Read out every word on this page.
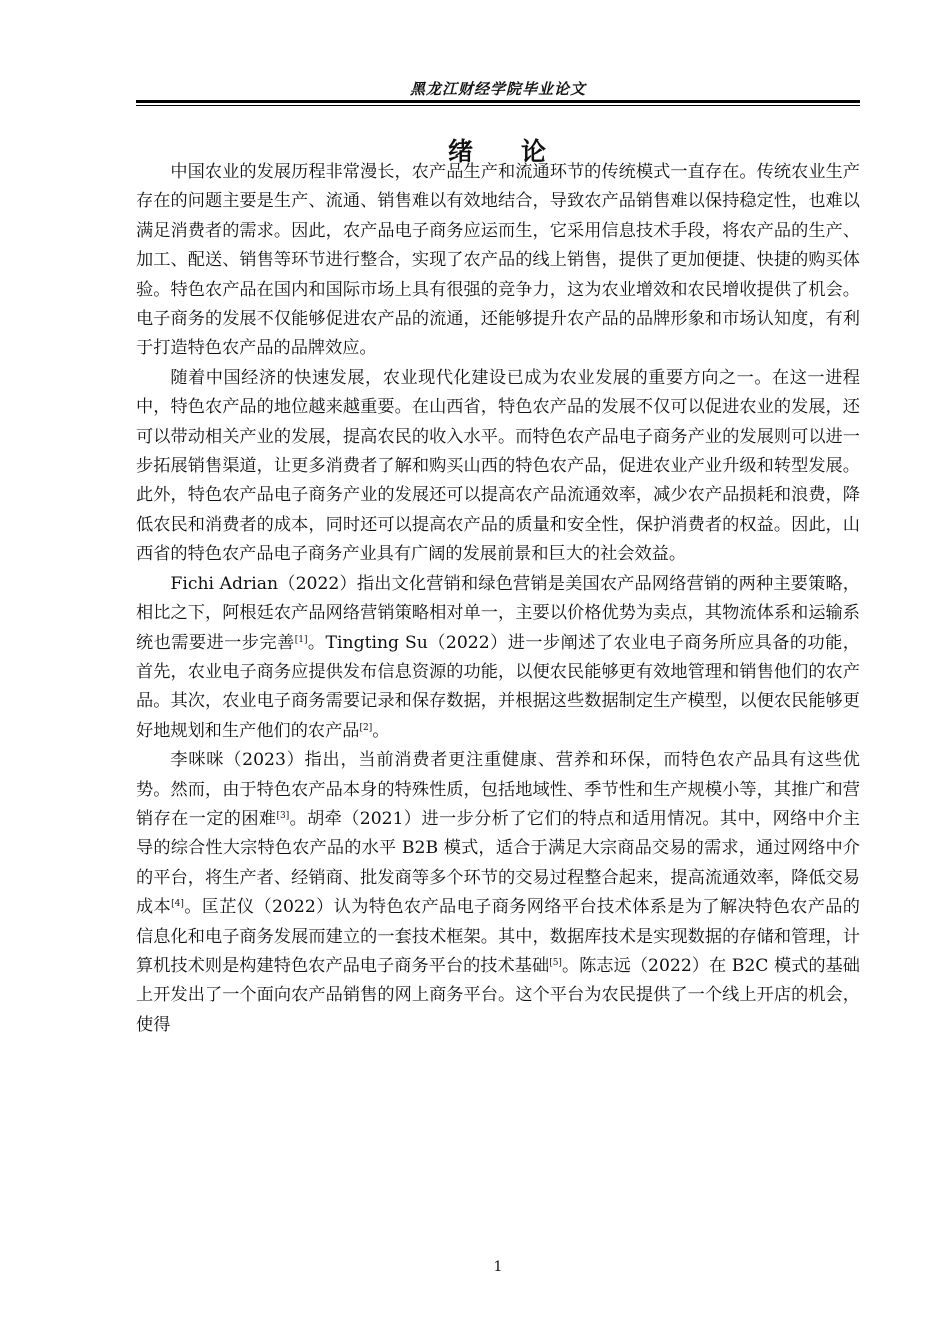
黑龙江财经学院毕业论文
绪 论

中国农业的发展历程非常漫长，农产品生产和流通环节的传统模式一直存在。传统农业生产存在的问题主要是生产、流通、销售难以有效地结合，导致农产品销售难以保持稳定性，也难以满足消费者的需求。因此，农产品电子商务应运而生，它采用信息技术手段，将农产品的生产、加工、配送、销售等环节进行整合，实现了农产品的线上销售，提供了更加便捷、快捷的购买体验。特色农产品在国内和国际市场上具有很强的竞争力，这为农业增效和农民增收提供了机会。电子商务的发展不仅能够促进农产品的流通，还能够提升农产品的品牌形象和市场认知度，有利于打造特色农产品的品牌效应。

随着中国经济的快速发展，农业现代化建设已成为农业发展的重要方向之一。在这一进程中，特色农产品的地位越来越重要。在山西省，特色农产品的发展不仅可以促进农业的发展，还可以带动相关产业的发展，提高农民的收入水平。而特色农产品电子商务产业的发展则可以进一步拓展销售渠道，让更多消费者了解和购买山西的特色农产品，促进农业产业升级和转型发展。此外，特色农产品电子商务产业的发展还可以提高农产品流通效率，减少农产品损耗和浪费，降低农民和消费者的成本，同时还可以提高农产品的质量和安全性，保护消费者的权益。因此，山西省的特色农产品电子商务产业具有广阔的发展前景和巨大的社会效益。

Fichi Adrian（2022）指出文化营销和绿色营销是美国农产品网络营销的两种主要策略，相比之下，阿根廷农产品网络营销策略相对单一，主要以价格优势为卖点，其物流体系和运输系统也需要进一步完善[1]。Tingting Su（2022）进一步阐述了农业电子商务所应具备的功能，首先，农业电子商务应提供发布信息资源的功能，以便农民能够更有效地管理和销售他们的农产品。其次，农业电子商务需要记录和保存数据，并根据这些数据制定生产模型，以便农民能够更好地规划和生产他们的农产品[2]。

李咪咪（2023）指出，当前消费者更注重健康、营养和环保，而特色农产品具有这些优势。然而，由于特色农产品本身的特殊性质，包括地域性、季节性和生产规模小等，其推广和营销存在一定的困难[3]。胡牵（2021）进一步分析了它们的特点和适用情况。其中，网络中介主导的综合性大宗特色农产品的水平 B2B 模式，适合于满足大宗商品交易的需求，通过网络中介的平台，将生产者、经销商、批发商等多个环节的交易过程整合起来，提高流通效率，降低交易成本[4]。匡芷仪（2022）认为特色农产品电子商务网络平台技术体系是为了解决特色农产品的信息化和电子商务发展而建立的一套技术框架。其中，数据库技术是实现数据的存储和管理，计算机技术则是构建特色农产品电子商务平台的技术基础[5]。陈志远（2022）在 B2C 模式的基础上开发出了一个面向农产品销售的网上商务平台。这个平台为农民提供了一个线上开店的机会，使得

1
